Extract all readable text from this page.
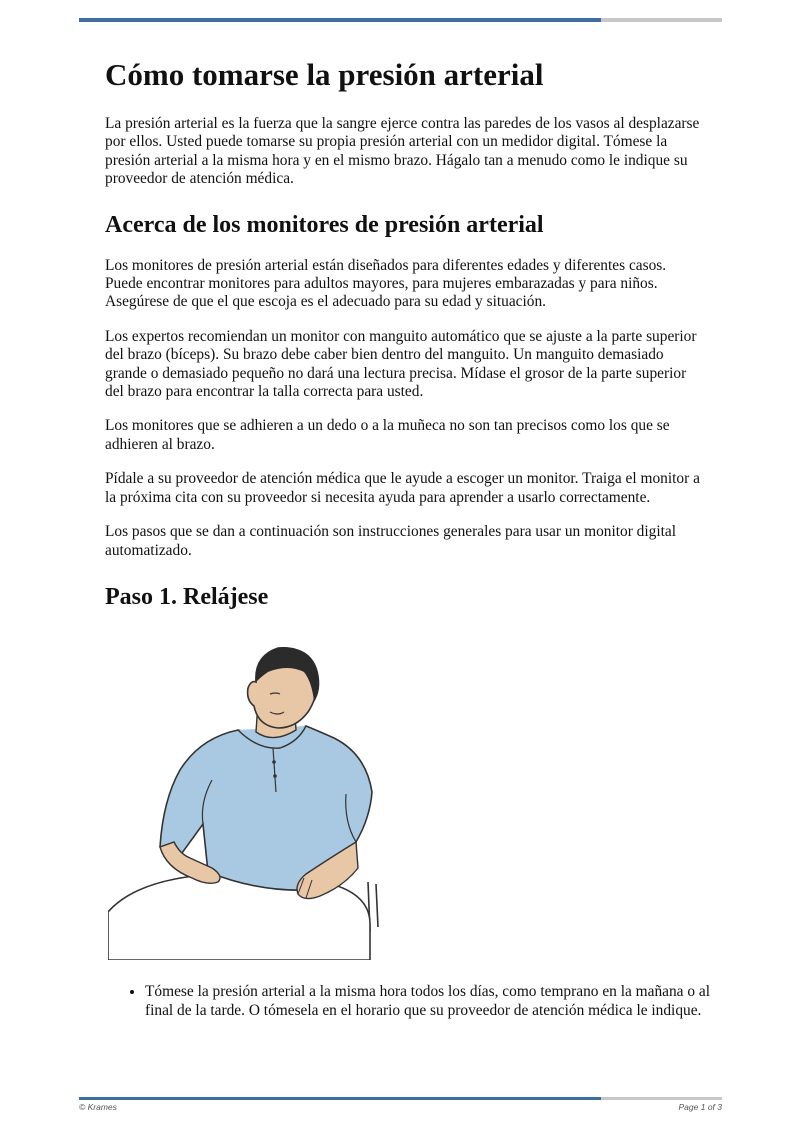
Cómo tomarse la presión arterial

La presión arterial es la fuerza que la sangre ejerce contra las paredes de los vasos al desplazarse por ellos. Usted puede tomarse su propia presión arterial con un medidor digital. Tómese la presión arterial a la misma hora y en el mismo brazo. Hágalo tan a menudo como le indique su proveedor de atención médica.

Acerca de los monitores de presión arterial

Los monitores de presión arterial están diseñados para diferentes edades y diferentes casos. Puede encontrar monitores para adultos mayores, para mujeres embarazadas y para niños. Asegúrese de que el que escoja es el adecuado para su edad y situación.

Los expertos recomiendan un monitor con manguito automático que se ajuste a la parte superior del brazo (bíceps). Su brazo debe caber bien dentro del manguito. Un manguito demasiado grande o demasiado pequeño no dará una lectura precisa. Mídase el grosor de la parte superior del brazo para encontrar la talla correcta para usted.

Los monitores que se adhieren a un dedo o a la muñeca no son tan precisos como los que se adhieren al brazo.

Pídale a su proveedor de atención médica que le ayude a escoger un monitor. Traiga el monitor a la próxima cita con su proveedor si necesita ayuda para aprender a usarlo correctamente.

Los pasos que se dan a continuación son instrucciones generales para usar un monitor digital automatizado.

Paso 1. Relájese
• Tómese la presión arterial a la misma hora todos los días, como temprano en la mañana o al final de la tarde. O tómesela en el horario que su proveedor de atención médica le indique.
© Krames	Page 1 of 3
